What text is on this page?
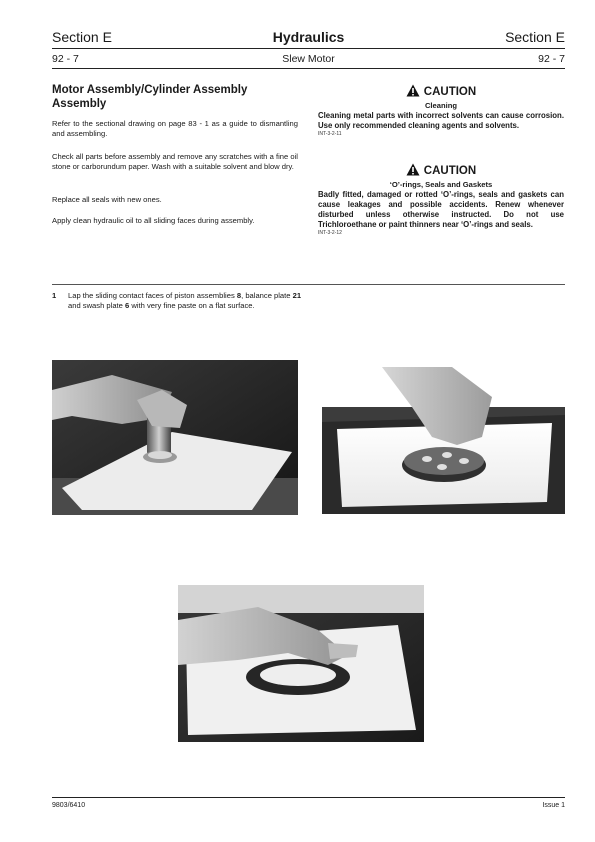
Section E	Hydraulics	Section E
92 - 7	Slew Motor	92 - 7
Motor Assembly/Cylinder Assembly Assembly
Refer to the sectional drawing on page 83 - 1 as a guide to dismantling and assembling.
Check all parts before assembly and remove any scratches with a fine oil stone or carborundum paper. Wash with a suitable solvent and blow dry.
Replace all seals with new ones.
Apply clean hydraulic oil to all sliding faces during assembly.
CAUTION
Cleaning
Cleaning metal parts with incorrect solvents can cause corrosion. Use only recommended cleaning agents and solvents.
INT-3-2-11
CAUTION
‘O’-rings, Seals and Gaskets
Badly fitted, damaged or rotted ‘O’-rings, seals and gaskets can cause leakages and possible accidents. Renew whenever disturbed unless otherwise instructed. Do not use Trichloroethane or paint thinners near ‘O’-rings and seals.
INT-3-2-12
1 Lap the sliding contact faces of piston assemblies 8, balance plate 21 and swash plate 6 with very fine paste on a flat surface.
9803/6410	Issue 1
